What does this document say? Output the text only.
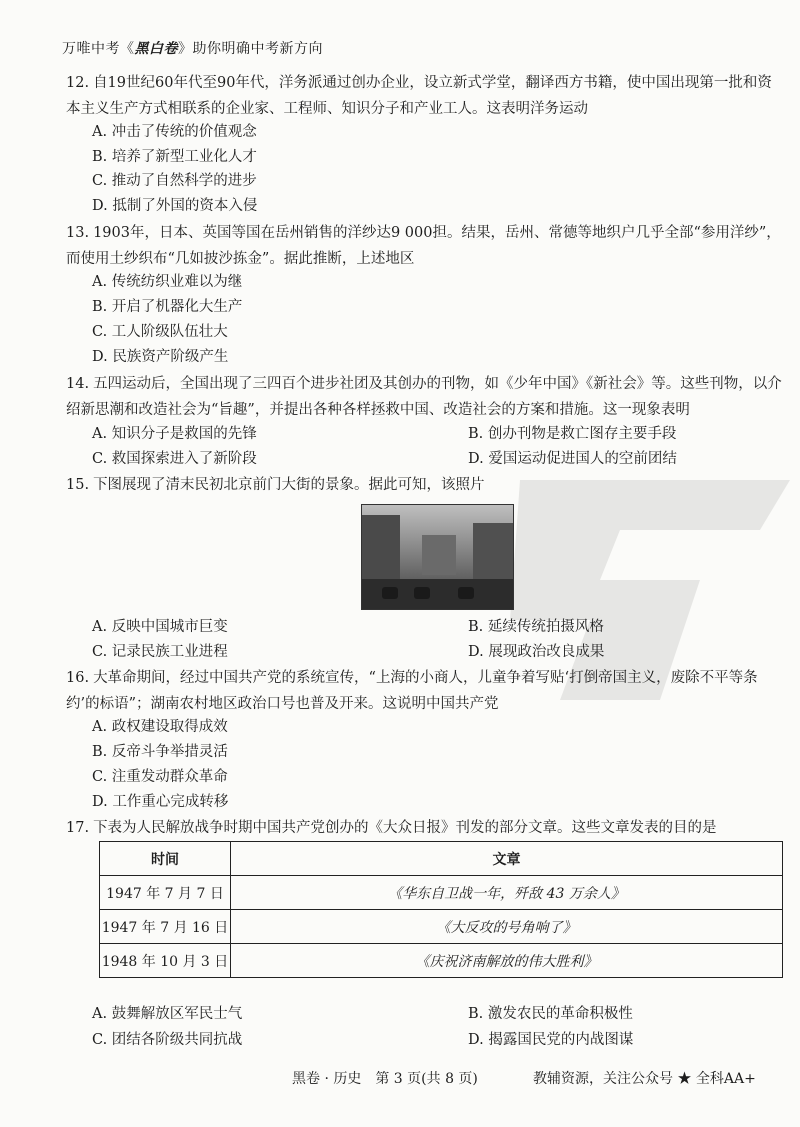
万唯中考《黑白卷》助你明确中考新方向

12. 自19世纪60年代至90年代，洋务派通过创办企业，设立新式学堂，翻译西方书籍，使中国出现第一批和资本主义生产方式相联系的企业家、工程师、知识分子和产业工人。这表明洋务运动

A. 冲击了传统的价值观念
B. 培养了新型工业化人才
C. 推动了自然科学的进步
D. 抵制了外国的资本入侵

13. 1903年，日本、英国等国在岳州销售的洋纱达9 000担。结果，岳州、常德等地织户几乎全部“参用洋纱”，而使用土纱织布“几如披沙拣金”。据此推断，上述地区

A. 传统纺织业难以为继
B. 开启了机器化大生产
C. 工人阶级队伍壮大
D. 民族资产阶级产生

14. 五四运动后，全国出现了三四百个进步社团及其创办的刊物，如《少年中国》《新社会》等。这些刊物，以介绍新思潮和改造社会为“旨趣”，并提出各种各样拯救中国、改造社会的方案和措施。这一现象表明

A. 知识分子是救国的先锋	B. 创办刊物是救亡图存主要手段
C. 救国探索进入了新阶段	D. 爱国运动促进国人的空前团结

15. 下图展现了清末民初北京前门大街的景象。据此可知，该照片

A. 反映中国城市巨变	B. 延续传统拍摄风格
C. 记录民族工业进程	D. 展现政治改良成果

16. 大革命期间，经过中国共产党的系统宣传，“上海的小商人，儿童争着写贴‘打倒帝国主义，废除不平等条约’的标语”；湖南农村地区政治口号也普及开来。这说明中国共产党

A. 政权建设取得成效
B. 反帝斗争举措灵活
C. 注重发动群众革命
D. 工作重心完成转移

17. 下表为人民解放战争时期中国共产党创办的《大众日报》刊发的部分文章。这些文章发表的目的是

时间	文章
1947 年 7 月 7 日	《华东自卫战一年，歼敌 43 万余人》
1947 年 7 月 16 日	《大反攻的号角响了》
1948 年 10 月 3 日	《庆祝济南解放的伟大胜利》
A. 鼓舞解放区军民士气	B. 激发农民的革命积极性
C. 团结各阶级共同抗战	D. 揭露国民党的内战图谋
黑卷 · 历史　第 3 页(共 8 页)	教辅资源，关注公众号 ★ 全科AA+
